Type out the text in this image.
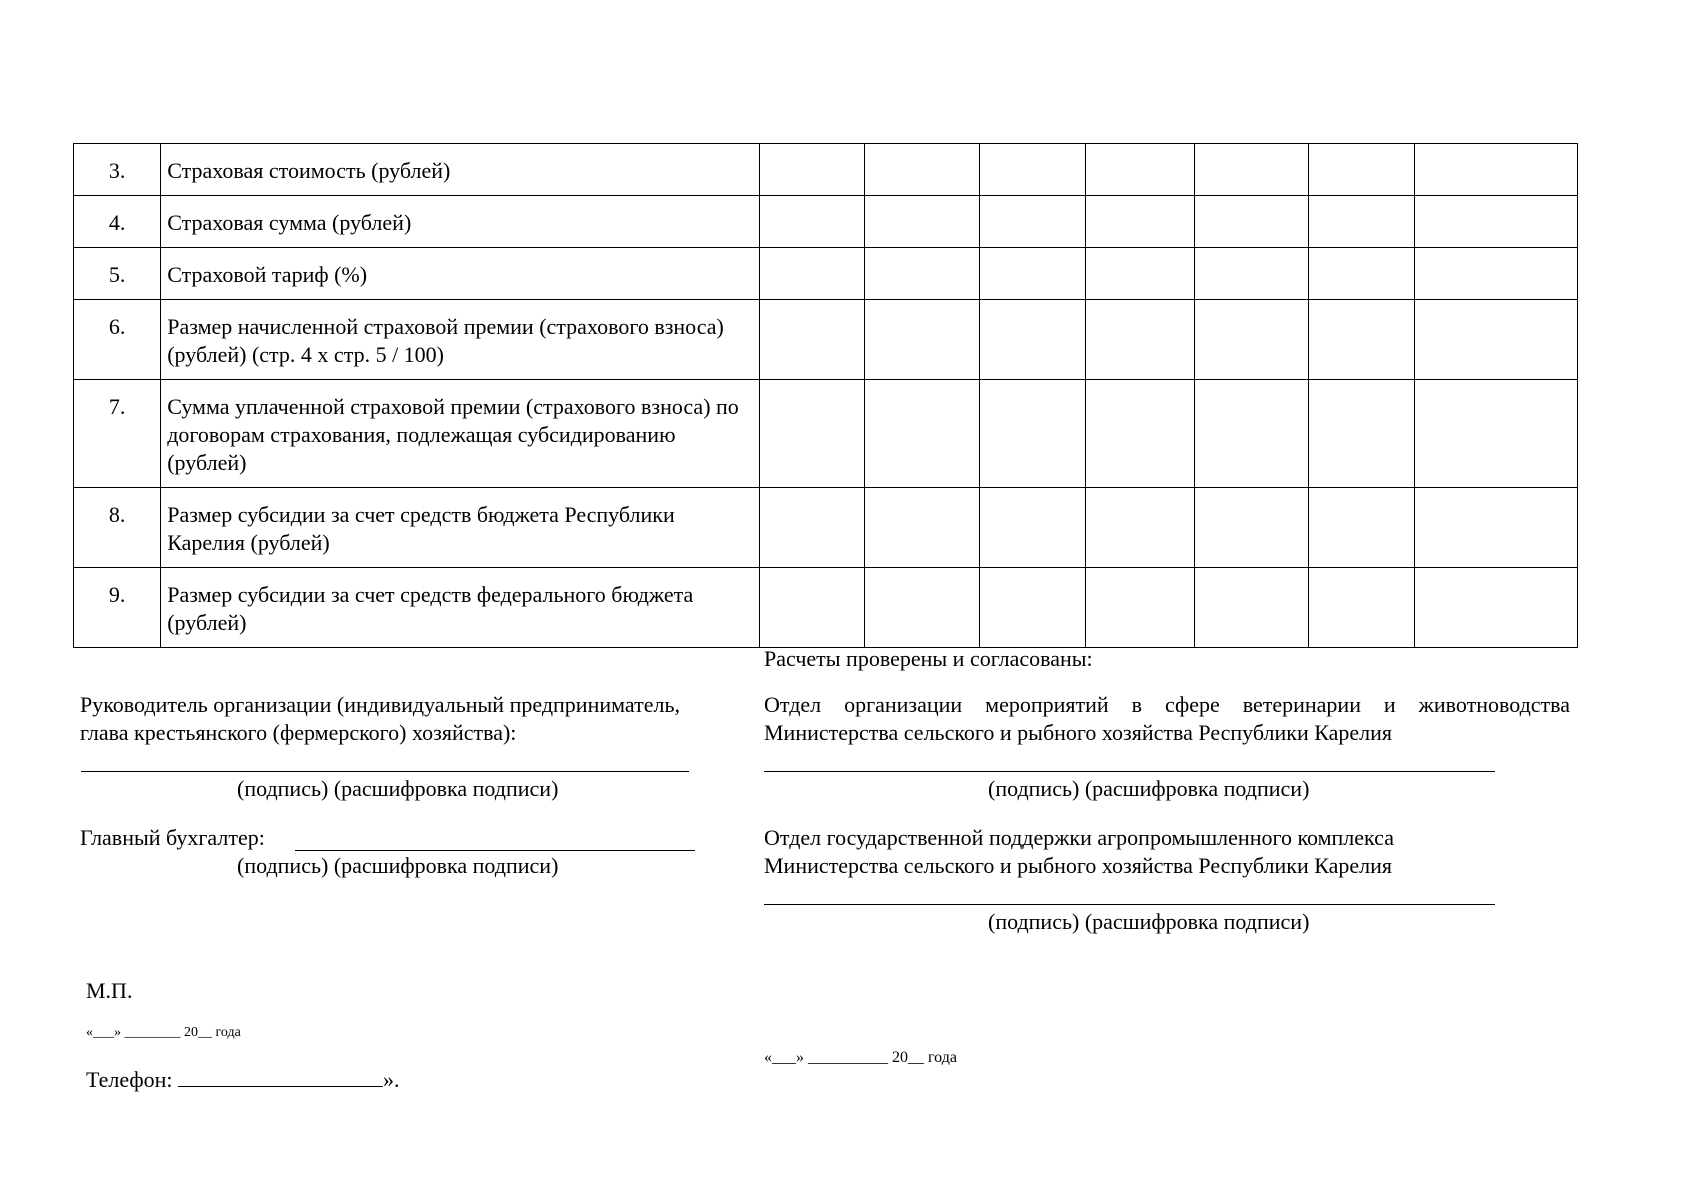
3.	Страховая стоимость (рублей)							
4.	Страховая сумма (рублей)							
5.	Страховой тариф (%)							
6.	Размер начисленной страховой премии (страхового взноса) (рублей) (стр. 4 x стр. 5 / 100)							
7.	Сумма уплаченной страховой премии (страхового взноса) по договорам страхования, подлежащая субсидированию (рублей)							
8.	Размер субсидии за счет средств бюджета Республики Карелия (рублей)							
9.	Размер субсидии за счет средств федерального бюджета (рублей)							
Руководитель организации (индивидуальный предприниматель,
глава крестьянского (фермерского) хозяйства):
(подпись) (расшифровка подписи)
Главный бухгалтер:
(подпись) (расшифровка подписи)
М.П.
«___» ________ 20__ года
Телефон:	».
Расчеты проверены и согласованы:
Отдел организации мероприятий в сфере ветеринарии и животноводства
Министерства сельского и рыбного хозяйства Республики Карелия
(подпись) (расшифровка подписи)
Отдел государственной поддержки агропромышленного комплекса
Министерства сельского и рыбного хозяйства Республики Карелия
(подпись) (расшифровка подписи)
«___» __________ 20__ года
